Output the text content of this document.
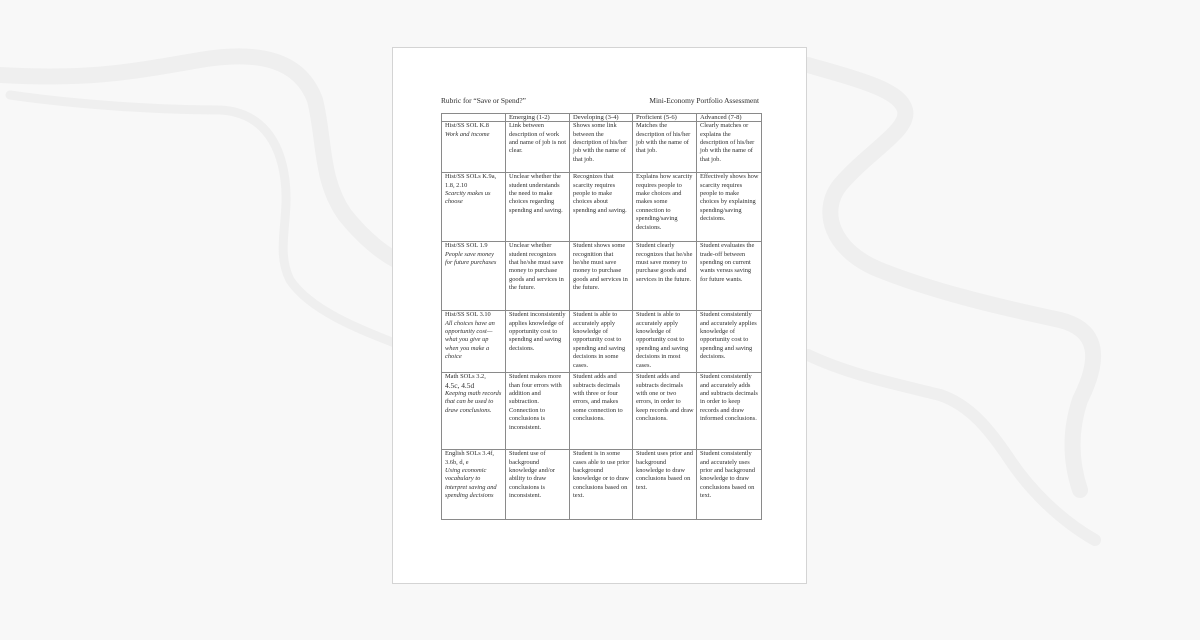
Rubric for “Save or Spend?”	Mini-Economy Portfolio Assessment
	Emerging (1-2)	Developing (3-4)	Proficient (5-6)	Advanced (7-8)

Hist/SS SOL K.8
Work and income	Link between description of work and name of job is not clear.	Shows some link between the description of his/her job with the name of that job.	Matches the description of his/her job with the name of that job.	Clearly matches or explains the description of his/her job with the name of that job.

Hist/SS SOLs K.9a, 1.8, 2.10
Scarcity makes us choose	Unclear whether the student understands the need to make choices regarding spending and saving.	Recognizes that scarcity requires people to make choices about spending and saving.	Explains how scarcity requires people to make choices and makes some connection to spending/saving decisions.	Effectively shows how scarcity requires people to make choices by explaining spending/saving decisions.

Hist/SS SOL 1.9
People save money for future purchases	Unclear whether student recognizes that he/she must save money to purchase goods and services in the future.	Student shows some recognition that he/she must save money to purchase goods and services in the future.	Student clearly recognizes that he/she must save money to purchase goods and services in the future.	Student evaluates the trade-off between spending on current wants versus saving for future wants.

Hist/SS SOL 3.10
All choices have an opportunity cost—what you give up when you make a choice	Student inconsistently applies knowledge of opportunity cost to spending and saving decisions.	Student is able to accurately apply knowledge of opportunity cost to spending and saving decisions in some cases.	Student is able to accurately apply knowledge of opportunity cost to spending and saving decisions in most cases.	Student consistently and accurately applies knowledge of opportunity cost to spending and saving decisions.

Math SOLs 3.2,
4.5c, 4.5d
Keeping math records that can be used to draw conclusions.	Student makes more than four errors with addition and subtraction. Connection to conclusions is inconsistent.	Student adds and subtracts decimals with three or four errors, and makes some connection to conclusions.	Student adds and subtracts decimals with one or two errors, in order to keep records and draw conclusions.	Student consistently and accurately adds and subtracts decimals in order to keep records and draw informed conclusions.

English SOLs 3.4f, 3.6b, d, e
Using economic vocabulary to interpret saving and spending decisions	Student use of background knowledge and/or ability to draw conclusions is inconsistent.	Student is in some cases able to use prior background knowledge or to draw conclusions based on text.	Student uses prior and background knowledge to draw conclusions based on text.	Student consistently and accurately uses prior and background knowledge to draw conclusions based on text.
